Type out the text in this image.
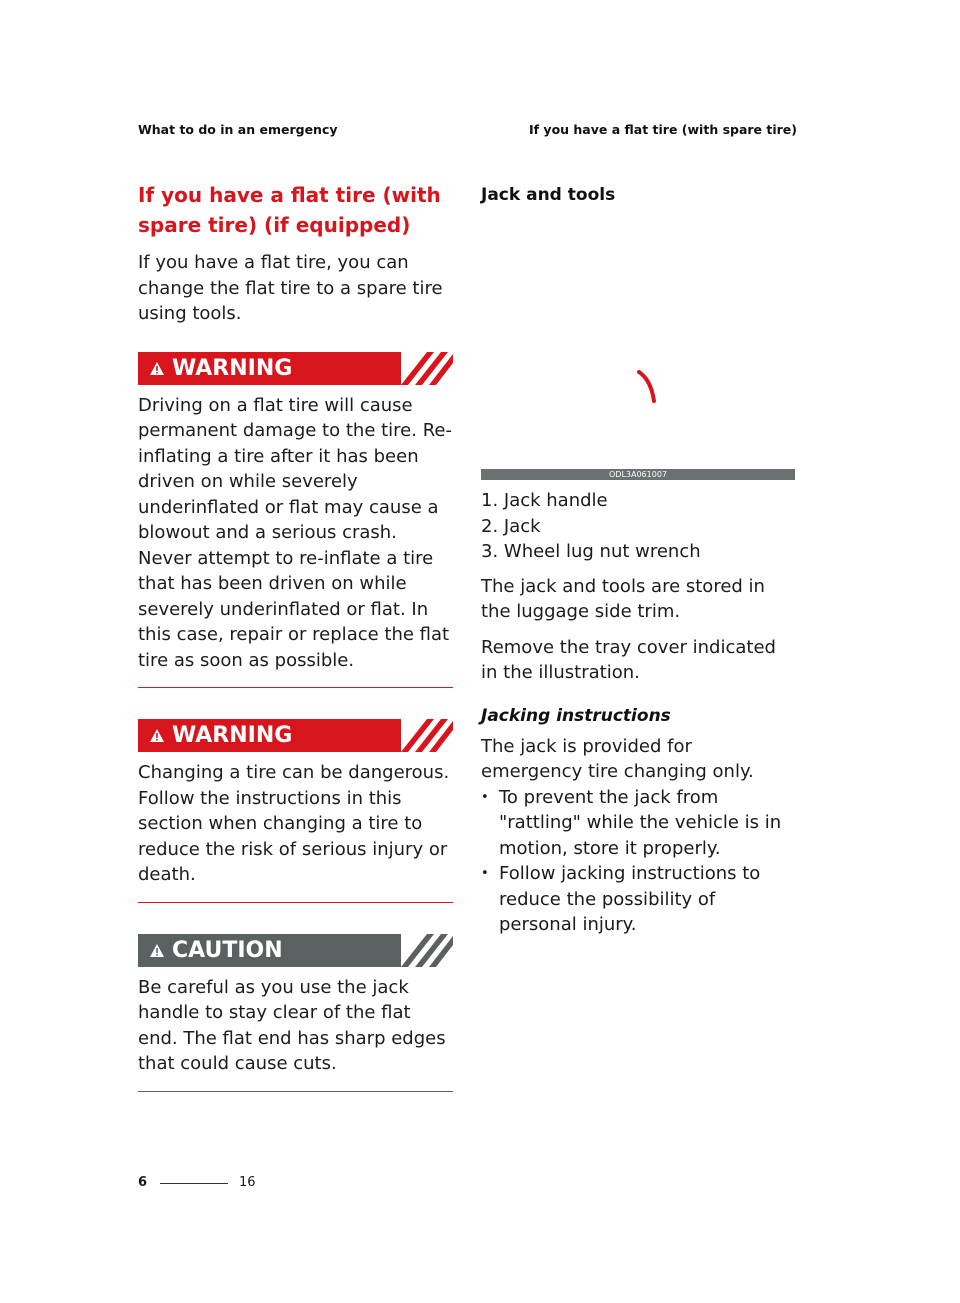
What to do in an emergency	If you have a flat tire (with spare tire)
If you have a flat tire (with
spare tire) (if equipped)

If you have a flat tire, you can change the flat tire to a spare tire using tools.

WARNING

Driving on a flat tire will cause permanent damage to the tire. Re-inflating a tire after it has been driven on while severely underinflated or flat may cause a blowout and a serious crash. Never attempt to re-inflate a tire that has been driven on while severely underinflated or flat. In this case, repair or replace the flat tire as soon as possible.

WARNING

Changing a tire can be dangerous. Follow the instructions in this section when changing a tire to reduce the risk of serious injury or death.

CAUTION

Be careful as you use the jack handle to stay clear of the flat end. The flat end has sharp edges that could cause cuts.

Jack and tools
ODL3A061007
1. Jack handle
2. Jack
3. Wheel lug nut wrench

The jack and tools are stored in the luggage side trim.

Remove the tray cover indicated in the illustration.

Jacking instructions

The jack is provided for emergency tire changing only.

• To prevent the jack from "rattling" while the vehicle is in motion, store it properly.
• Follow jacking instructions to reduce the possibility of personal injury.
6	16
